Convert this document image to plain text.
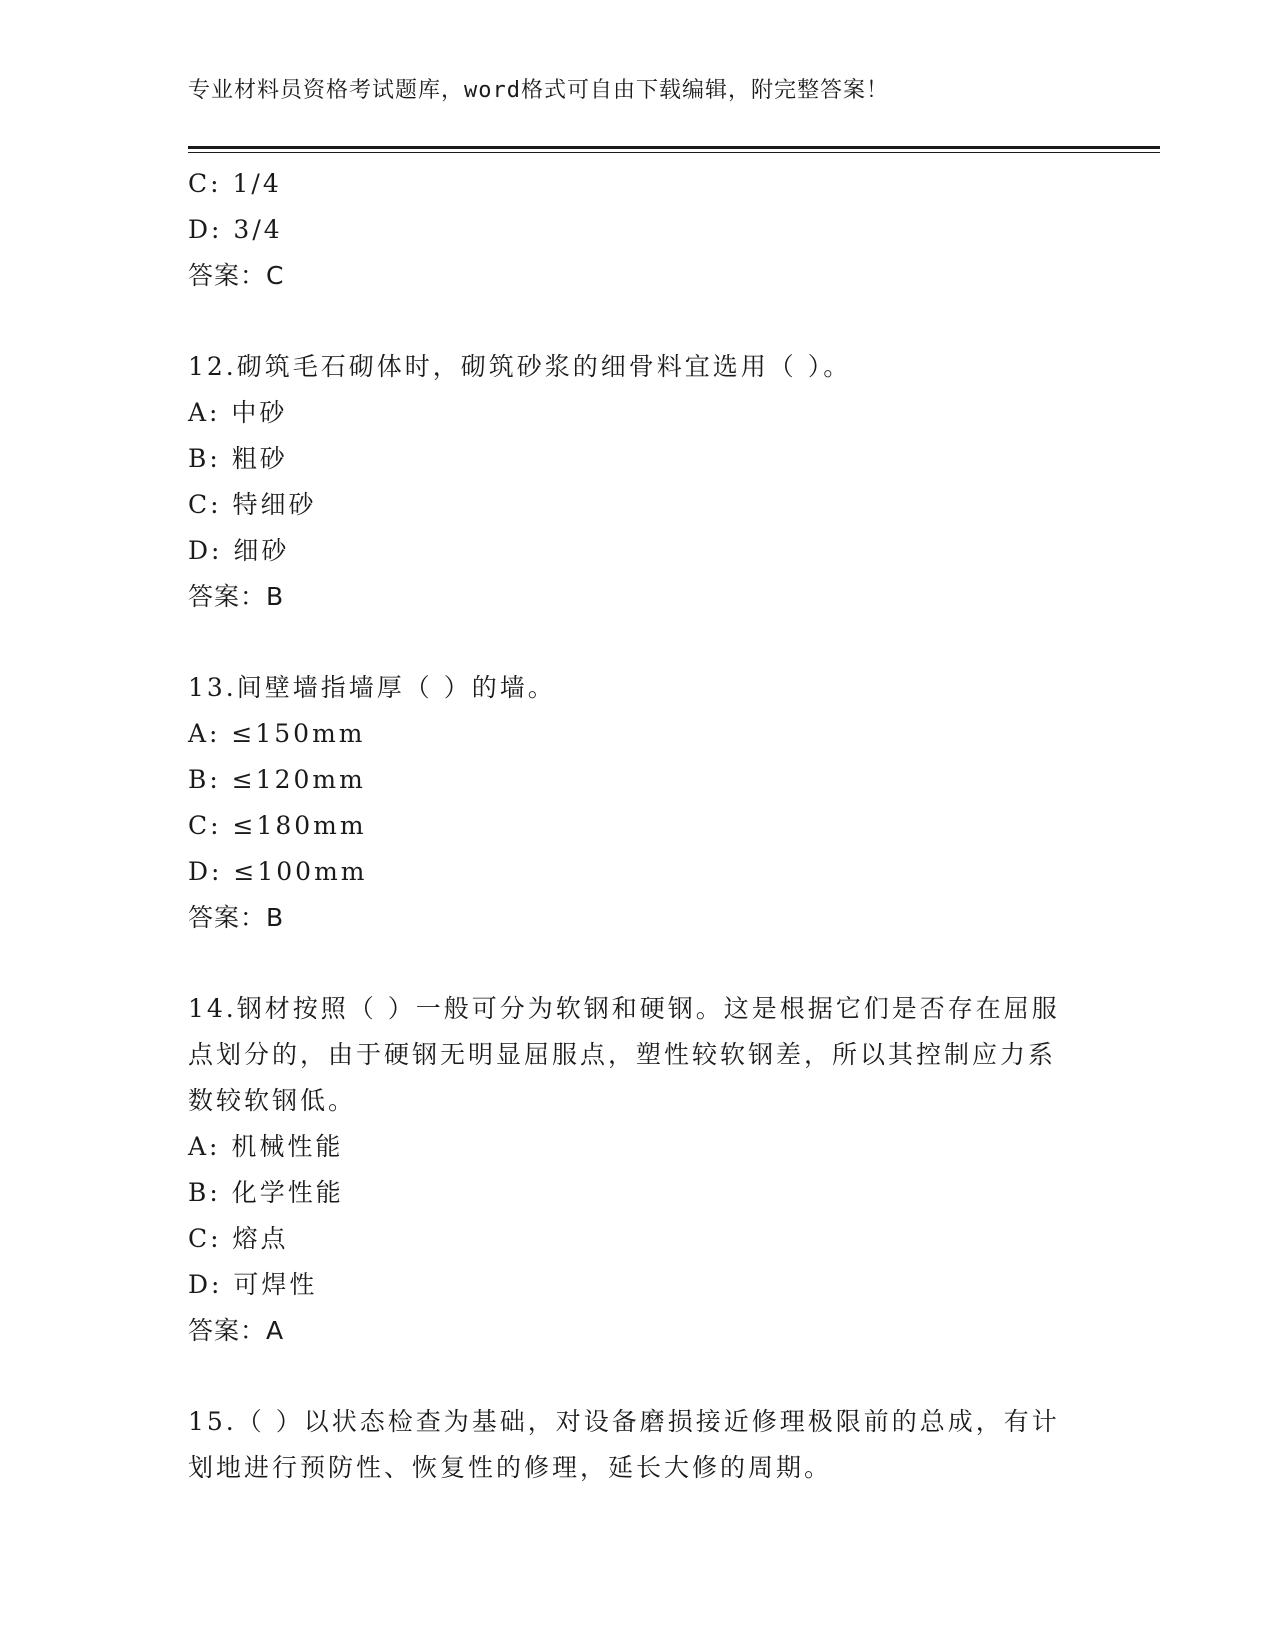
专业材料员资格考试题库，word格式可自由下载编辑，附完整答案！
C: 1/4
D: 3/4
答案：C
12.砌筑毛石砌体时，砌筑砂浆的细骨料宜选用（ ）。
A: 中砂
B: 粗砂
C: 特细砂
D: 细砂
答案：B
13.间壁墙指墙厚（ ）的墙。
A: ≤150mm
B: ≤120mm
C: ≤180mm
D: ≤100mm
答案：B
14.钢材按照（ ）一般可分为软钢和硬钢。这是根据它们是否存在屈服点划分的，由于硬钢无明显屈服点，塑性较软钢差，所以其控制应力系数较软钢低。
A: 机械性能
B: 化学性能
C: 熔点
D: 可焊性
答案：A
15.（ ）以状态检查为基础，对设备磨损接近修理极限前的总成，有计划地进行预防性、恢复性的修理，延长大修的周期。
